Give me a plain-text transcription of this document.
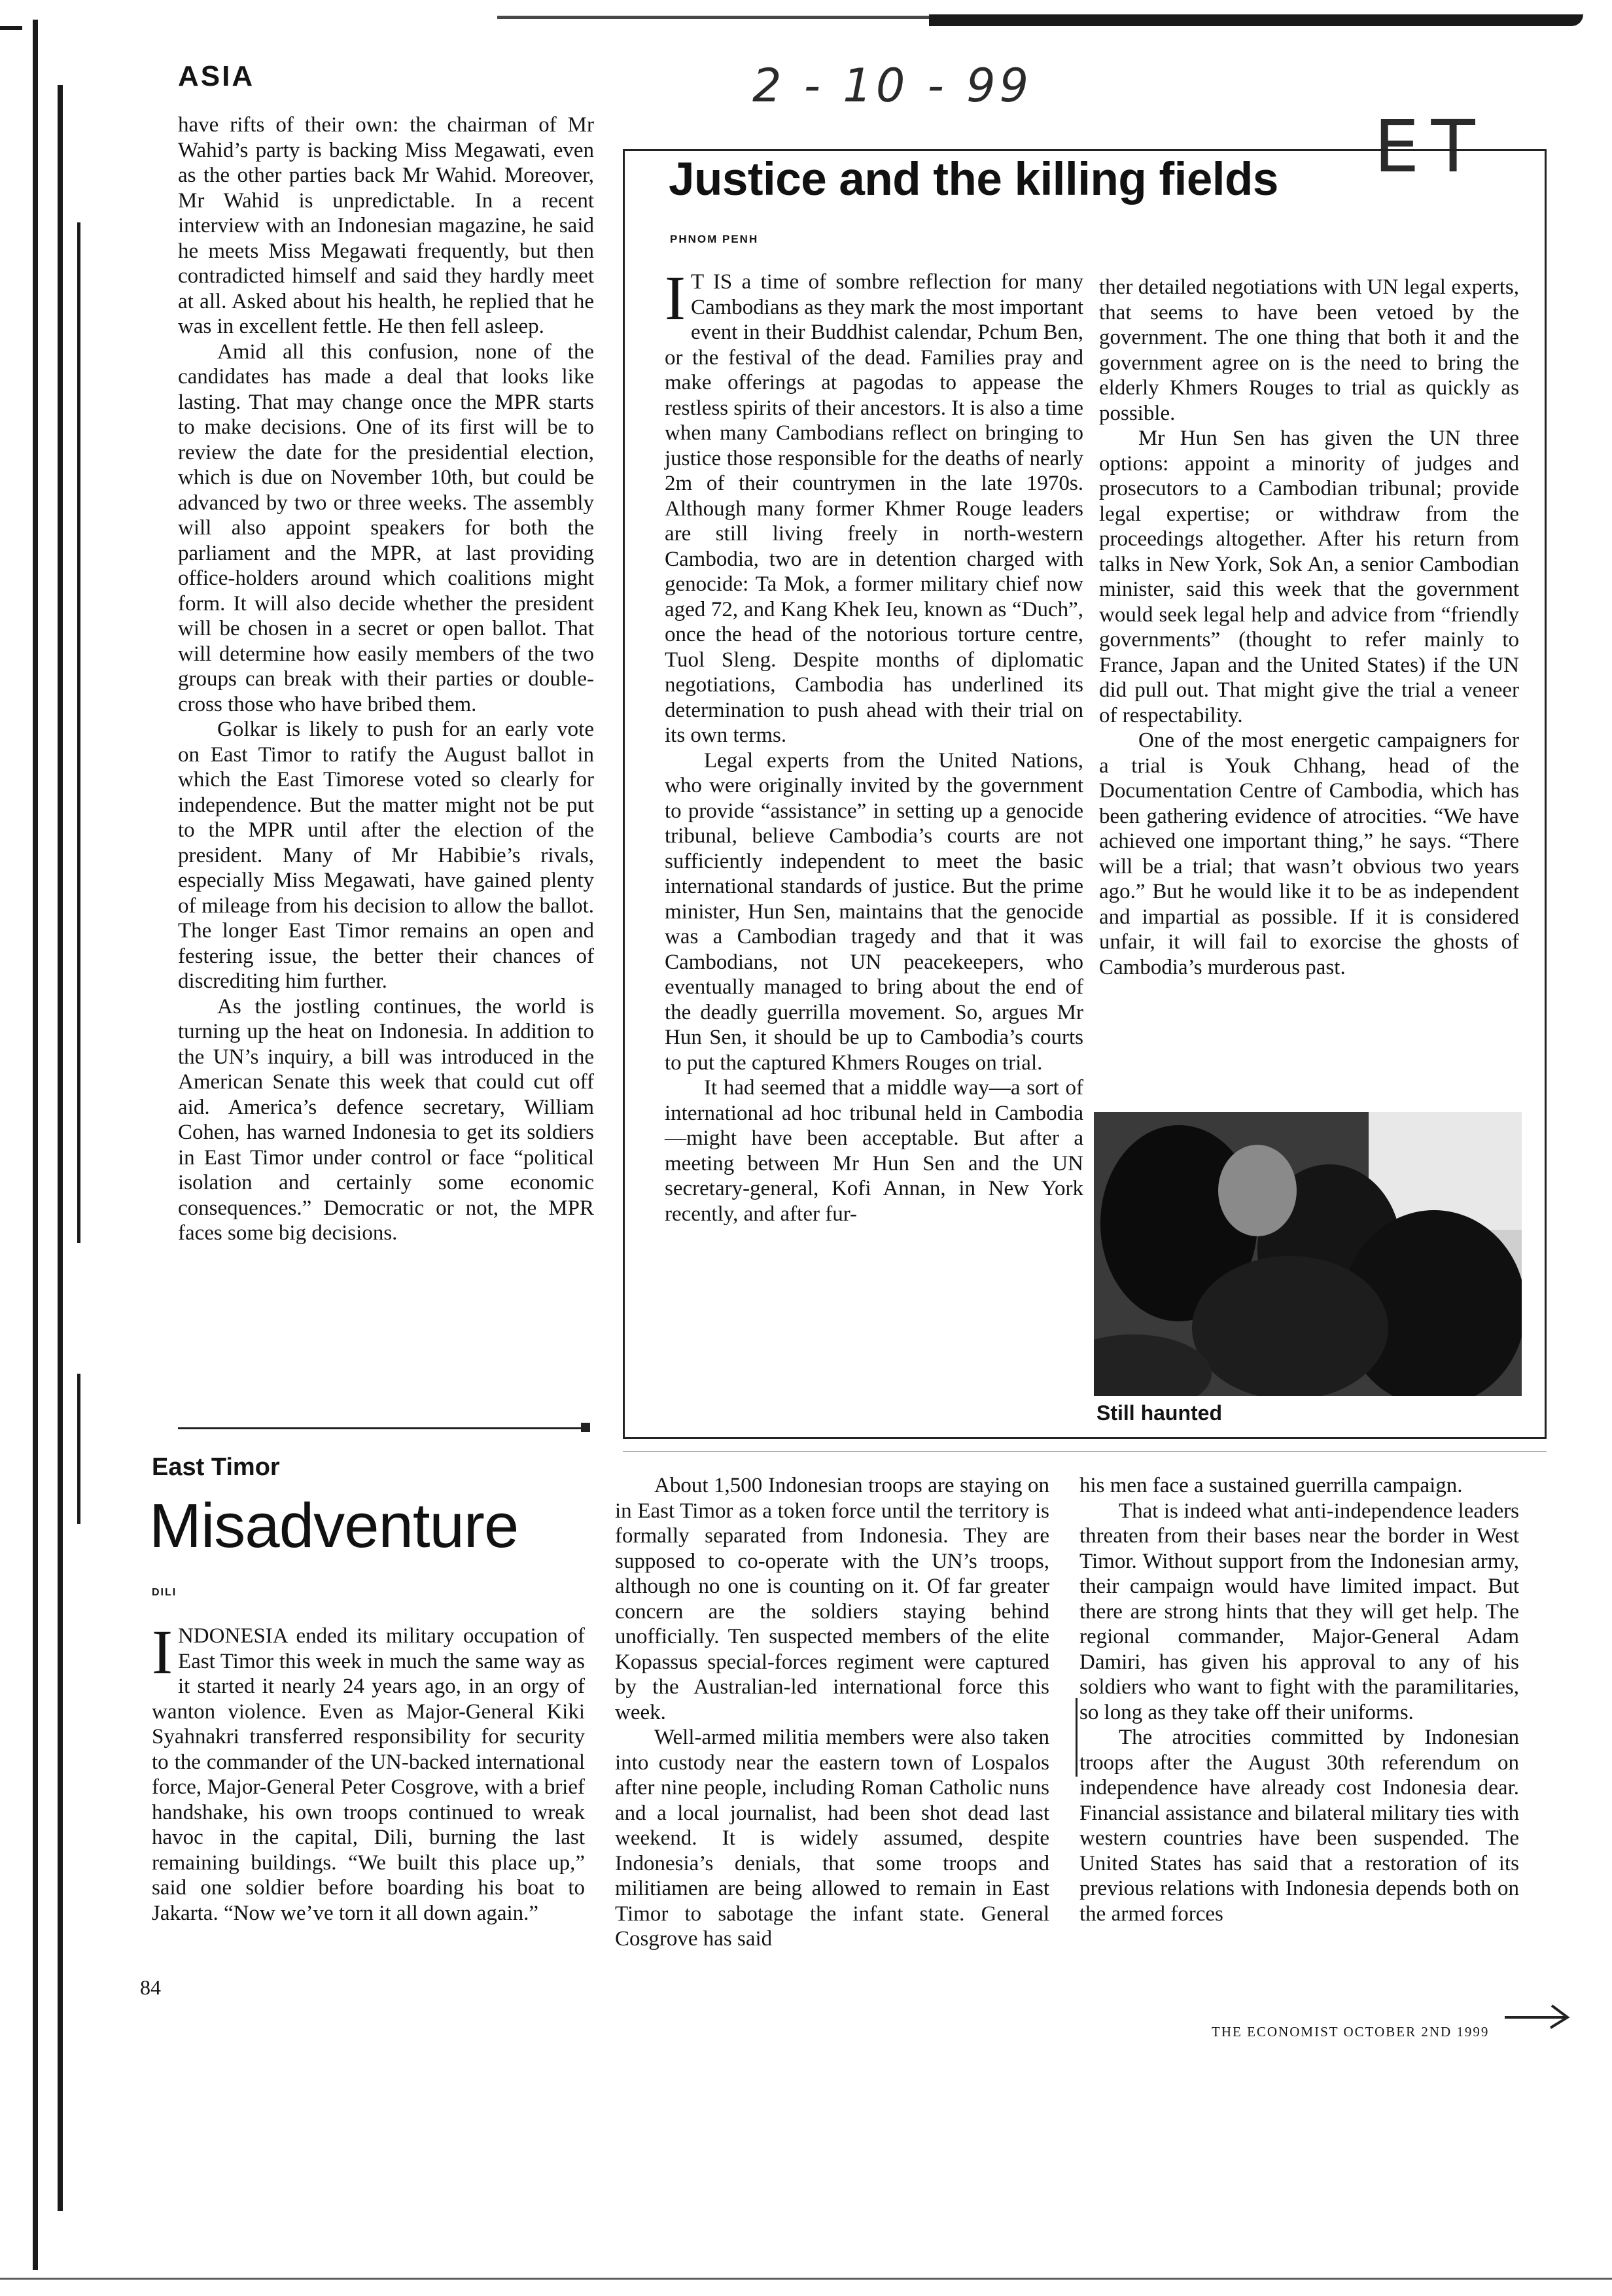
ASIA	2 - 10 - 99
ET

have rifts of their own: the chairman of Mr Wahid’s party is backing Miss Megawati, even as the other parties back Mr Wahid. Moreover, Mr Wahid is unpredictable. In a recent interview with an Indonesian magazine, he said he meets Miss Megawati frequently, but then contradicted himself and said they hardly meet at all. Asked about his health, he replied that he was in excellent fettle. He then fell asleep.

Amid all this confusion, none of the candidates has made a deal that looks like lasting. That may change once the MPR starts to make decisions. One of its first will be to review the date for the presidential election, which is due on November 10th, but could be advanced by two or three weeks. The assembly will also appoint speakers for both the parliament and the MPR, at last providing office-holders around which coalitions might form. It will also decide whether the president will be chosen in a secret or open ballot. That will determine how easily members of the two groups can break with their parties or double-cross those who have bribed them.

Golkar is likely to push for an early vote on East Timor to ratify the August ballot in which the East Timorese voted so clearly for independence. But the matter might not be put to the MPR until after the election of the president. Many of Mr Habibie’s rivals, especially Miss Megawati, have gained plenty of mileage from his decision to allow the ballot. The longer East Timor remains an open and festering issue, the better their chances of discrediting him further.

As the jostling continues, the world is turning up the heat on Indonesia. In addition to the UN’s inquiry, a bill was introduced in the American Senate this week that could cut off aid. America’s defence secretary, William Cohen, has warned Indonesia to get its soldiers in East Timor under control or face “political isolation and certainly some economic consequences.” Democratic or not, the MPR faces some big decisions.

Justice and the killing fields
PHNOM PENH

I T IS a time of sombre reflection for many Cambodians as they mark the most important event in their Buddhist calendar, Pchum Ben, or the festival of the dead. Families pray and make offerings at pagodas to appease the restless spirits of their ancestors. It is also a time when many Cambodians reflect on bringing to justice those responsible for the deaths of nearly 2m of their countrymen in the late 1970s. Although many former Khmer Rouge leaders are still living freely in north-western Cambodia, two are in detention charged with genocide: Ta Mok, a former military chief now aged 72, and Kang Khek Ieu, known as “Duch”, once the head of the notorious torture centre, Tuol Sleng. Despite months of diplomatic negotiations, Cambodia has underlined its determination to push ahead with their trial on its own terms.

Legal experts from the United Nations, who were originally invited by the government to provide “assistance” in setting up a genocide tribunal, believe Cambodia’s courts are not sufficiently independent to meet the basic international standards of justice. But the prime minister, Hun Sen, maintains that the genocide was a Cambodian tragedy and that it was Cambodians, not UN peacekeepers, who eventually managed to bring about the end of the deadly guerrilla movement. So, argues Mr Hun Sen, it should be up to Cambodia’s courts to put the captured Khmers Rouges on trial.

It had seemed that a middle way—a sort of international ad hoc tribunal held in Cambodia—might have been acceptable. But after a meeting between Mr Hun Sen and the UN secretary-general, Kofi Annan, in New York recently, and after fur-

ther detailed negotiations with UN legal experts, that seems to have been vetoed by the government. The one thing that both it and the government agree on is the need to bring the elderly Khmers Rouges to trial as quickly as possible.

Mr Hun Sen has given the UN three options: appoint a minority of judges and prosecutors to a Cambodian tribunal; provide legal expertise; or withdraw from the proceedings altogether. After his return from talks in New York, Sok An, a senior Cambodian minister, said this week that the government would seek legal help and advice from “friendly governments” (thought to refer mainly to France, Japan and the United States) if the UN did pull out. That might give the trial a veneer of respectability.

One of the most energetic campaigners for a trial is Youk Chhang, head of the Documentation Centre of Cambodia, which has been gathering evidence of atrocities. “We have achieved one important thing,” he says. “There will be a trial; that wasn’t obvious two years ago.” But he would like it to be as independent and impartial as possible. If it is considered unfair, it will fail to exorcise the ghosts of Cambodia’s murderous past.

Still haunted
East Timor
Misadventure
DILI

INDONESIA ended its military occupation of East Timor this week in much the same way as it started it nearly 24 years ago, in an orgy of wanton violence. Even as Major-General Kiki Syahnakri transferred responsibility for security to the commander of the UN-backed international force, Major-General Peter Cosgrove, with a brief handshake, his own troops continued to wreak havoc in the capital, Dili, burning the last remaining buildings. “We built this place up,” said one soldier before boarding his boat to Jakarta. “Now we’ve torn it all down again.”

About 1,500 Indonesian troops are staying on in East Timor as a token force until the territory is formally separated from Indonesia. They are supposed to co-operate with the UN’s troops, although no one is counting on it. Of far greater concern are the soldiers staying behind unofficially. Ten suspected members of the elite Kopassus special-forces regiment were captured by the Australian-led international force this week.

Well-armed militia members were also taken into custody near the eastern town of Lospalos after nine people, including Roman Catholic nuns and a local journalist, had been shot dead last weekend. It is widely assumed, despite Indonesia’s denials, that some troops and militiamen are being allowed to remain in East Timor to sabotage the infant state. General Cosgrove has said

his men face a sustained guerrilla campaign.

That is indeed what anti-independence leaders threaten from their bases near the border in West Timor. Without support from the Indonesian army, their campaign would have limited impact. But there are strong hints that they will get help. The regional commander, Major-General Adam Damiri, has given his approval to any of his soldiers who want to fight with the paramilitaries, so long as they take off their uniforms.

The atrocities committed by Indonesian troops after the August 30th referendum on independence have already cost Indonesia dear. Financial assistance and bilateral military ties with western countries have been suspended. The United States has said that a restoration of its previous relations with Indonesia depends both on the armed forces

84
THE ECONOMIST OCTOBER 2ND 1999
